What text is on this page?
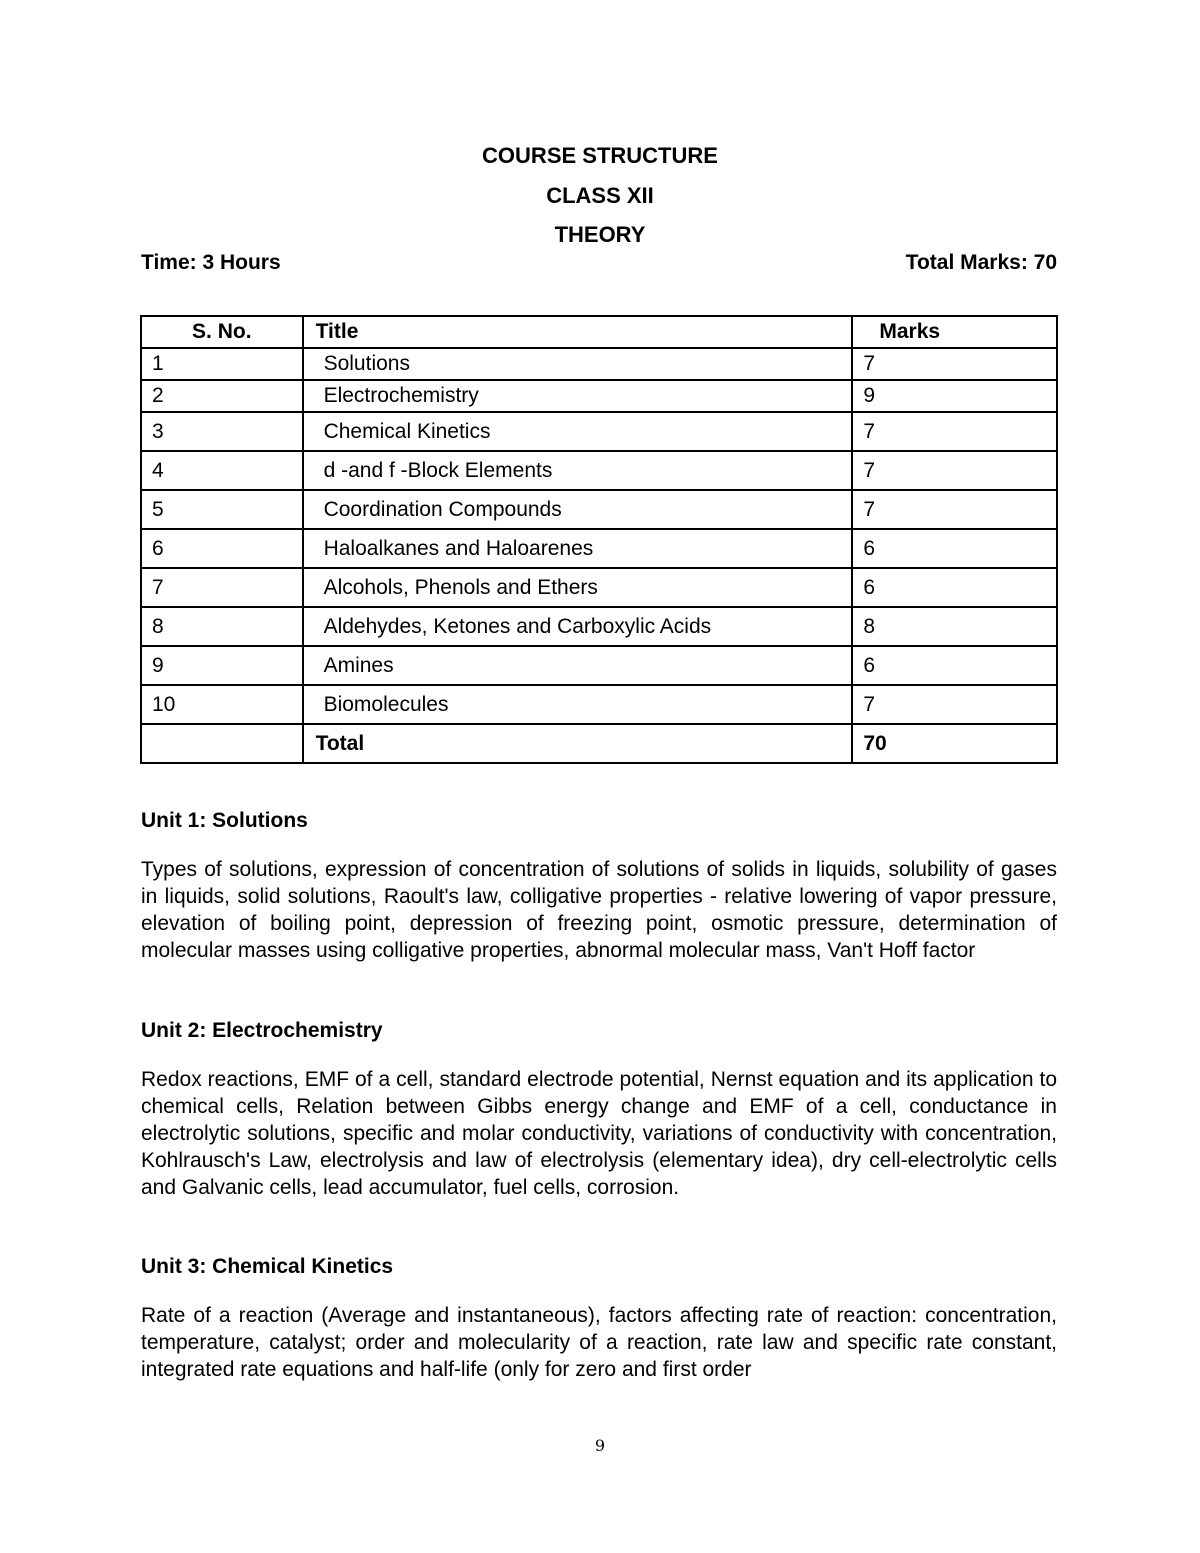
COURSE STRUCTURE
CLASS XII
THEORY
Time: 3 Hours	Total Marks: 70
S. No.	Title	Marks
1	Solutions	7
2	Electrochemistry	9
3	Chemical Kinetics	7
4	d -and f -Block Elements	7
5	Coordination Compounds	7
6	Haloalkanes and Haloarenes	6
7	Alcohols, Phenols and Ethers	6
8	Aldehydes, Ketones and Carboxylic Acids	8
9	Amines	6
10	Biomolecules	7
	Total	70

Unit 1: Solutions

Types of solutions, expression of concentration of solutions of solids in liquids, solubility of gases in liquids, solid solutions, Raoult's law, colligative properties - relative lowering of vapor pressure, elevation of boiling point, depression of freezing point, osmotic pressure, determination of molecular masses using colligative properties, abnormal molecular mass, Van't Hoff factor

Unit 2: Electrochemistry

Redox reactions, EMF of a cell, standard electrode potential, Nernst equation and its application to chemical cells, Relation between Gibbs energy change and EMF of a cell, conductance in electrolytic solutions, specific and molar conductivity, variations of conductivity with concentration, Kohlrausch's Law, electrolysis and law of electrolysis (elementary idea), dry cell-electrolytic cells and Galvanic cells, lead accumulator, fuel cells, corrosion.

Unit 3: Chemical Kinetics

Rate of a reaction (Average and instantaneous), factors affecting rate of reaction: concentration, temperature, catalyst; order and molecularity of a reaction, rate law and specific rate constant, integrated rate equations and half-life (only for zero and first order

9
